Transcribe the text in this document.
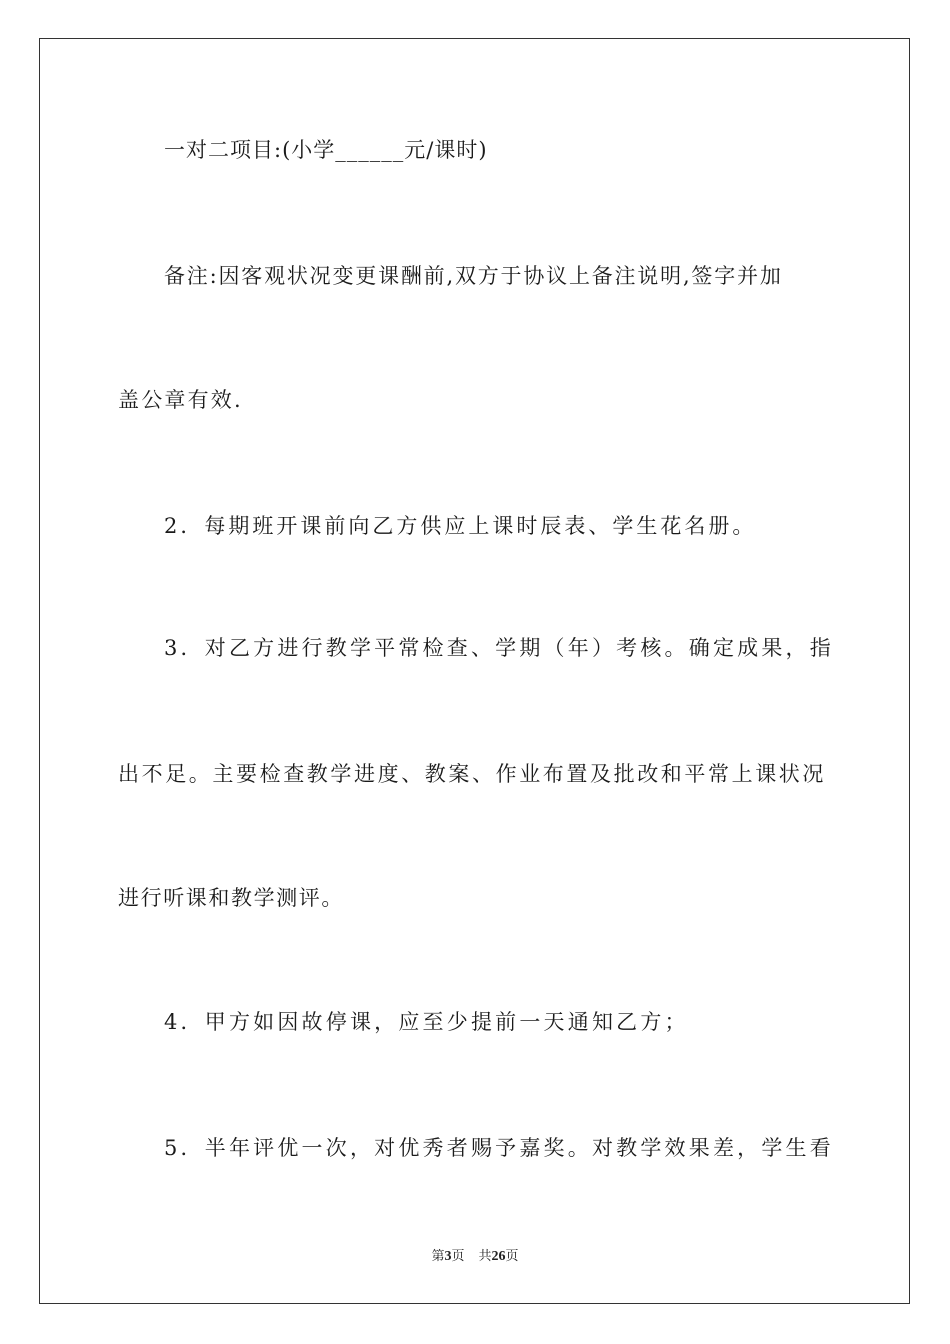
一对二项目:(小学______元/课时)
备注:因客观状况变更课酬前,双方于协议上备注说明,签字并加
盖公章有效.
2．每期班开课前向乙方供应上课时辰表、学生花名册。
3．对乙方进行教学平常检查、学期（年）考核。确定成果，指
出不足。主要检查教学进度、教案、作业布置及批改和平常上课状况
进行听课和教学测评。
4．甲方如因故停课，应至少提前一天通知乙方；
5．半年评优一次，对优秀者赐予嘉奖。对教学效果差，学生看
第3页 共26页
